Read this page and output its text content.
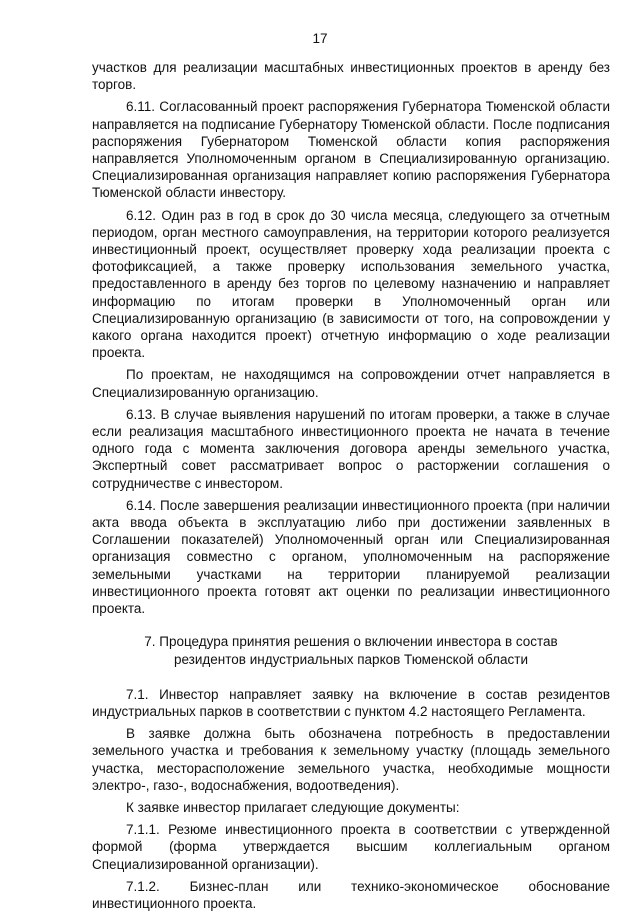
17

участков для реализации масштабных инвестиционных проектов в аренду без торгов.

6.11. Согласованный проект распоряжения Губернатора Тюменской области направляется на подписание Губернатору Тюменской области. После подписания распоряжения Губернатором Тюменской области копия распоряжения направляется Уполномоченным органом в Специализированную организацию. Специализированная организация направляет копию распоряжения Губернатора Тюменской области инвестору.

6.12. Один раз в год в срок до 30 числа месяца, следующего за отчетным периодом, орган местного самоуправления, на территории которого реализуется инвестиционный проект, осуществляет проверку хода реализации проекта с фотофиксацией, а также проверку использования земельного участка, предоставленного в аренду без торгов по целевому назначению и направляет информацию по итогам проверки в Уполномоченный орган или Специализированную организацию (в зависимости от того, на сопровождении у какого органа находится проект) отчетную информацию о ходе реализации проекта.

По проектам, не находящимся на сопровождении отчет направляется в Специализированную организацию.

6.13. В случае выявления нарушений по итогам проверки, а также в случае если реализация масштабного инвестиционного проекта не начата в течение одного года с момента заключения договора аренды земельного участка, Экспертный совет рассматривает вопрос о расторжении соглашения о сотрудничестве с инвестором.

6.14. После завершения реализации инвестиционного проекта (при наличии акта ввода объекта в эксплуатацию либо при достижении заявленных в Соглашении показателей) Уполномоченный орган или Специализированная организация совместно с органом, уполномоченным на распоряжение земельными участками на территории планируемой реализации инвестиционного проекта готовят акт оценки по реализации инвестиционного проекта.

7. Процедура принятия решения о включении инвестора в состав
резидентов индустриальных парков Тюменской области

7.1. Инвестор направляет заявку на включение в состав резидентов индустриальных парков в соответствии с пунктом 4.2 настоящего Регламента.

В заявке должна быть обозначена потребность в предоставлении земельного участка и требования к земельному участку (площадь земельного участка, месторасположение земельного участка, необходимые мощности электро-, газо-, водоснабжения, водоотведения).

К заявке инвестор прилагает следующие документы:

7.1.1. Резюме инвестиционного проекта в соответствии с утвержденной формой (форма утверждается высшим коллегиальным органом Специализированной организации).

7.1.2. Бизнес-план или технико-экономическое обоснование инвестиционного проекта.
